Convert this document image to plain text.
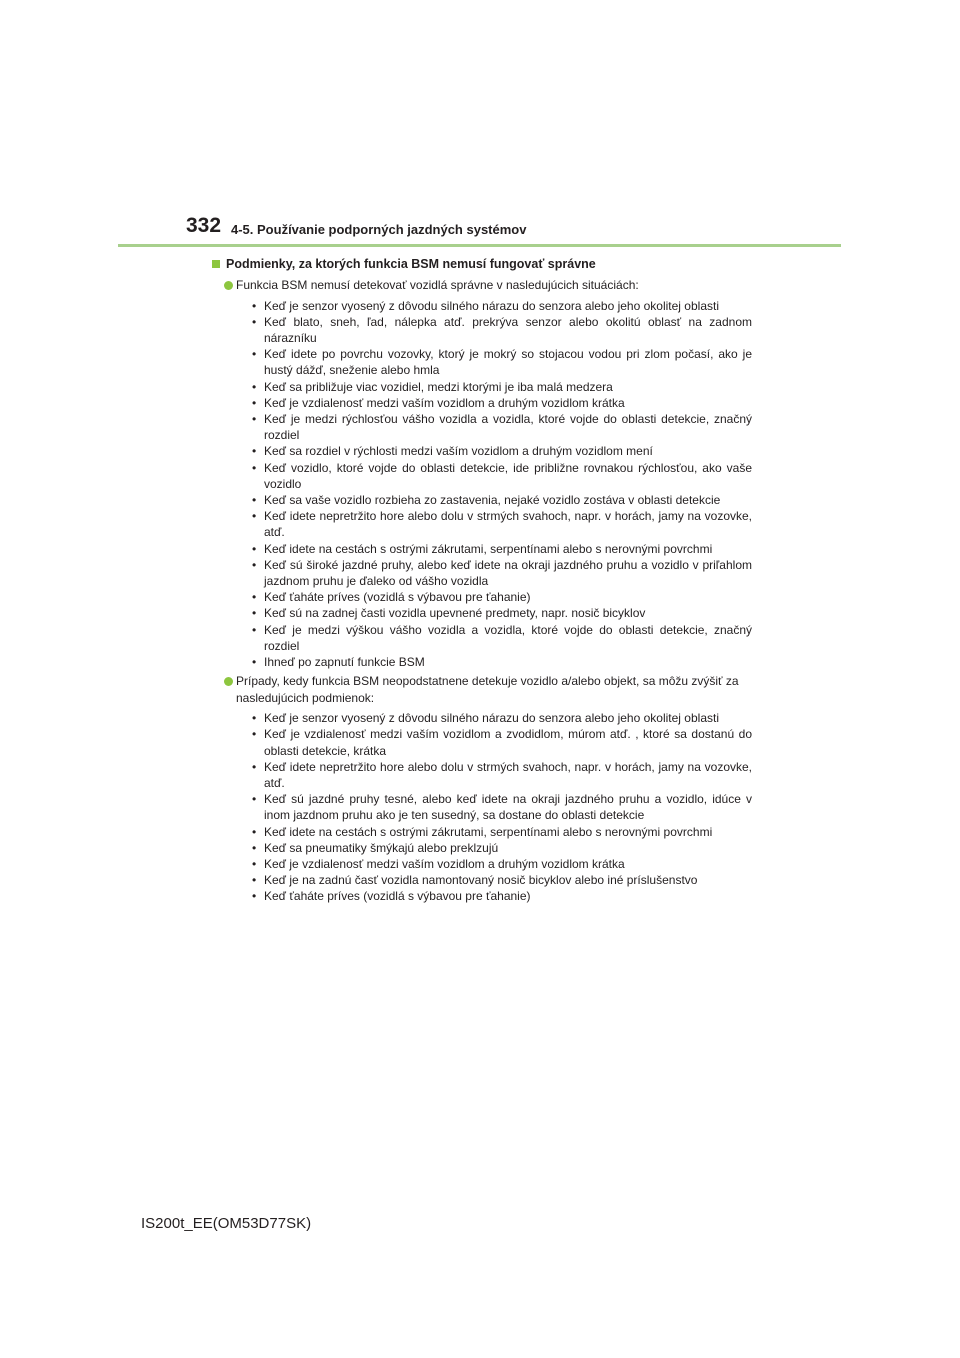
332 4-5. Používanie podporných jazdných systémov
Podmienky, za ktorých funkcia BSM nemusí fungovať správne
Funkcia BSM nemusí detekovať vozidlá správne v nasledujúcich situáciách:
• Keď je senzor vyosený z dôvodu silného nárazu do senzora alebo jeho okolitej oblasti
• Keď blato, sneh, ľad, nálepka atď. prekrýva senzor alebo okolitú oblasť na zadnom nárazníku
• Keď idete po povrchu vozovky, ktorý je mokrý so stojacou vodou pri zlom počasí, ako je hustý dážď, sneženie alebo hmla
• Keď sa približuje viac vozidiel, medzi ktorými je iba malá medzera
• Keď je vzdialenosť medzi vaším vozidlom a druhým vozidlom krátka
• Keď je medzi rýchlosťou vášho vozidla a vozidla, ktoré vojde do oblasti detekcie, značný rozdiel
• Keď sa rozdiel v rýchlosti medzi vaším vozidlom a druhým vozidlom mení
• Keď vozidlo, ktoré vojde do oblasti detekcie, ide približne rovnakou rýchlosťou, ako vaše vozidlo
• Keď sa vaše vozidlo rozbieha zo zastavenia, nejaké vozidlo zostáva v oblasti detekcie
• Keď idete nepretržito hore alebo dolu v strmých svahoch, napr. v horách, jamy na vozovke, atď.
• Keď idete na cestách s ostrými zákrutami, serpentínami alebo s nerovnými povrchmi
• Keď sú široké jazdné pruhy, alebo keď idete na okraji jazdného pruhu a vozidlo v priľahlom jazdnom pruhu je ďaleko od vášho vozidla
• Keď ťaháte príves (vozidlá s výbavou pre ťahanie)
• Keď sú na zadnej časti vozidla upevnené predmety, napr. nosič bicyklov
• Keď je medzi výškou vášho vozidla a vozidla, ktoré vojde do oblasti detekcie, značný rozdiel
• Ihneď po zapnutí funkcie BSM
Prípady, kedy funkcia BSM neopodstatnene detekuje vozidlo a/alebo objekt, sa môžu zvýšiť za nasledujúcich podmienok:
• Keď je senzor vyosený z dôvodu silného nárazu do senzora alebo jeho okolitej oblasti
• Keď je vzdialenosť medzi vaším vozidlom a zvodidlom, múrom atď. , ktoré sa dostanú do oblasti detekcie, krátka
• Keď idete nepretržito hore alebo dolu v strmých svahoch, napr. v horách, jamy na vozovke, atď.
• Keď sú jazdné pruhy tesné, alebo keď idete na okraji jazdného pruhu a vozidlo, idúce v inom jazdnom pruhu ako je ten susedný, sa dostane do oblasti detekcie
• Keď idete na cestách s ostrými zákrutami, serpentínami alebo s nerovnými povrchmi
• Keď sa pneumatiky šmýkajú alebo preklzujú
• Keď je vzdialenosť medzi vaším vozidlom a druhým vozidlom krátka
• Keď je na zadnú časť vozidla namontovaný nosič bicyklov alebo iné príslušenstvo
• Keď ťaháte príves (vozidlá s výbavou pre ťahanie)
IS200t_EE(OM53D77SK)
